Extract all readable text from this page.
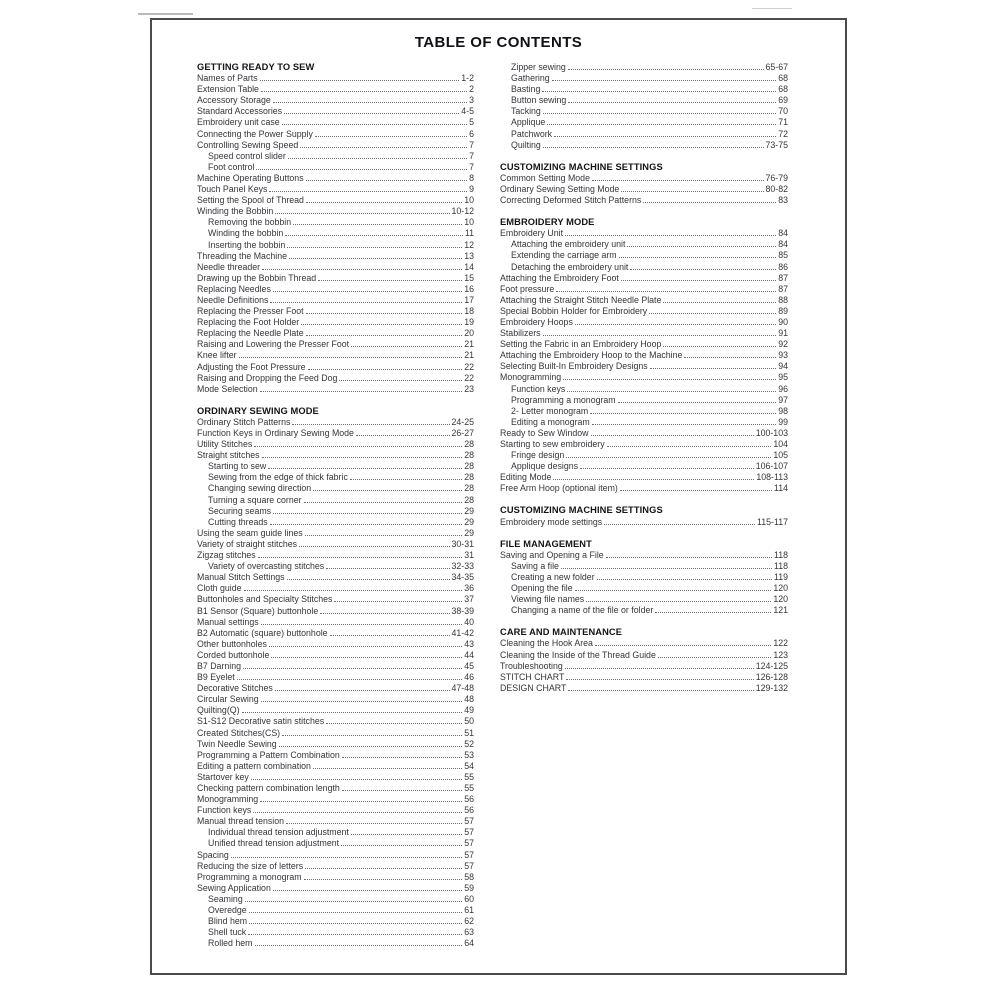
TABLE OF CONTENTS
GETTING READY TO SEW
Names of Parts	1-2
Extension Table	2
Accessory Storage	3
Standard Accessories	4-5
Embroidery unit case	5
Connecting the Power Supply	6
Controlling Sewing Speed	7
Speed control slider	7
Foot control	7
Machine Operating Buttons	8
Touch Panel Keys	9
Setting the Spool of Thread	10
Winding the Bobbin	10-12
Removing the bobbin	10
Winding the bobbin	11
Inserting the bobbin	12
Threading the Machine	13
Needle threader	14
Drawing up the Bobbin Thread	15
Replacing Needles	16
Needle Definitions	17
Replacing the Presser Foot	18
Replacing the Foot Holder	19
Replacing the Needle Plate	20
Raising and Lowering the Presser Foot	21
Knee lifter	21
Adjusting the Foot Pressure	22
Raising and Dropping the Feed Dog	22
Mode Selection	23
ORDINARY SEWING MODE
Ordinary Stitch Patterns	24-25
Function Keys in Ordinary Sewing Mode	26-27
Utility Stitches	28
Straight stitches	28
Starting to sew	28
Sewing from the edge of thick fabric	28
Changing sewing direction	28
Turning a square corner	28
Securing seams	29
Cutting threads	29
Using the seam guide lines	29
Variety of straight stitches	30-31
Zigzag stitches	31
Variety of overcasting stitches	32-33
Manual Stitch Settings	34-35
Cloth guide	36
Buttonholes and Specialty Stitches	37
B1 Sensor (Square) buttonhole	38-39
Manual settings	40
B2 Automatic (square) buttonhole	41-42
Other buttonholes	43
Corded buttonhole	44
B7 Darning	45
B9 Eyelet	46
Decorative Stitches	47-48
Circular Sewing	48
Quilting(Q)	49
S1-S12 Decorative satin stitches	50
Created Stitches(CS)	51
Twin Needle Sewing	52
Programming a Pattern Combination	53
Editing a pattern combination	54
Startover key	55
Checking pattern combination length	55
Monogramming	56
Function keys	56
Manual thread tension	57
Individual thread tension adjustment	57
Unified thread tension adjustment	57
Spacing	57
Reducing the size of letters	57
Programming a monogram	58
Sewing Application	59
Seaming	60
Overedge	61
Blind hem	62
Shell tuck	63
Rolled hem	64
Zipper sewing	65-67
Gathering	68
Basting	68
Button sewing	69
Tacking	70
Applique	71
Patchwork	72
Quilting	73-75
CUSTOMIZING MACHINE SETTINGS
Common Setting Mode	76-79
Ordinary Sewing Setting Mode	80-82
Correcting Deformed Stitch Patterns	83
EMBROIDERY MODE
Embroidery Unit	84
Attaching the embroidery unit	84
Extending the carriage arm	85
Detaching the embroidery unit	86
Attaching the Embroidery Foot	87
Foot pressure	87
Attaching the Straight Stitch Needle Plate	88
Special Bobbin Holder for Embroidery	89
Embroidery Hoops	90
Stabilizers	91
Setting the Fabric in an Embroidery Hoop	92
Attaching the Embroidery Hoop to the Machine	93
Selecting Built-In Embroidery Designs	94
Monogramming	95
Function keys	96
Programming a monogram	97
2- Letter monogram	98
Editing a monogram	99
Ready to Sew Window	100-103
Starting to sew embroidery	104
Fringe design	105
Applique designs	106-107
Editing Mode	108-113
Free Arm Hoop (optional item)	114
CUSTOMIZING MACHINE SETTINGS
Embroidery mode settings	115-117
FILE MANAGEMENT
Saving and Opening a File	118
Saving a file	118
Creating a new folder	119
Opening the file	120
Viewing file names	120
Changing a name of the file or folder	121
CARE AND MAINTENANCE
Cleaning the Hook Area	122
Cleaning the Inside of the Thread Guide	123
Troubleshooting	124-125
STITCH CHART	126-128
DESIGN CHART	129-132
